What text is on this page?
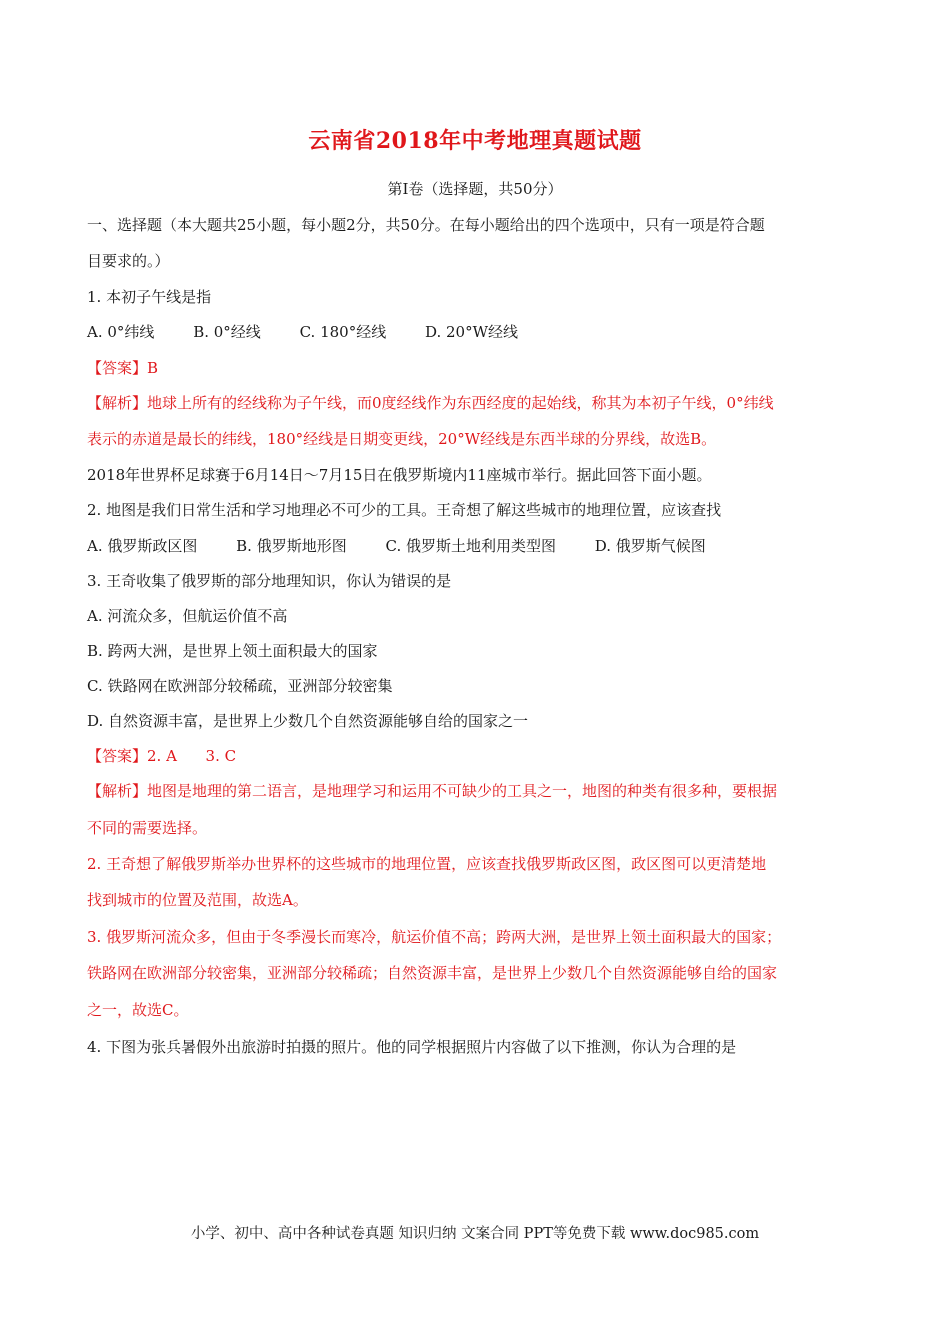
云南省2018年中考地理真题试题
第Ⅰ卷（选择题，共50分）
一、选择题（本大题共25小题，每小题2分，共50分。在每小题给出的四个选项中，只有一项是符合题
目要求的。）
1. 本初子午线是指
A. 0°纬线	B. 0°经线	C. 180°经线	D. 20°W经线
【答案】B
【解析】地球上所有的经线称为子午线，而0度经线作为东西经度的起始线，称其为本初子午线，0°纬线
表示的赤道是最长的纬线，180°经线是日期变更线，20°W经线是东西半球的分界线，故选B。
2018年世界杯足球赛于6月14日～7月15日在俄罗斯境内11座城市举行。据此回答下面小题。
2. 地图是我们日常生活和学习地理必不可少的工具。王奇想了解这些城市的地理位置，应该查找
A. 俄罗斯政区图	B. 俄罗斯地形图	C. 俄罗斯土地利用类型图	D. 俄罗斯气候图
3. 王奇收集了俄罗斯的部分地理知识，你认为错误的是
A. 河流众多，但航运价值不高
B. 跨两大洲，是世界上领土面积最大的国家
C. 铁路网在欧洲部分较稀疏，亚洲部分较密集
D. 自然资源丰富，是世界上少数几个自然资源能够自给的国家之一
【答案】2. A      3. C
【解析】地图是地理的第二语言，是地理学习和运用不可缺少的工具之一，地图的种类有很多种，要根据
不同的需要选择。
2. 王奇想了解俄罗斯举办世界杯的这些城市的地理位置，应该查找俄罗斯政区图，政区图可以更清楚地
找到城市的位置及范围，故选A。
3. 俄罗斯河流众多，但由于冬季漫长而寒冷，航运价值不高；跨两大洲，是世界上领土面积最大的国家；
铁路网在欧洲部分较密集，亚洲部分较稀疏；自然资源丰富，是世界上少数几个自然资源能够自给的国家
之一，故选C。
4. 下图为张兵暑假外出旅游时拍摄的照片。他的同学根据照片内容做了以下推测，你认为合理的是
小学、初中、高中各种试卷真题 知识归纳 文案合同 PPT等免费下载 www.doc985.com
